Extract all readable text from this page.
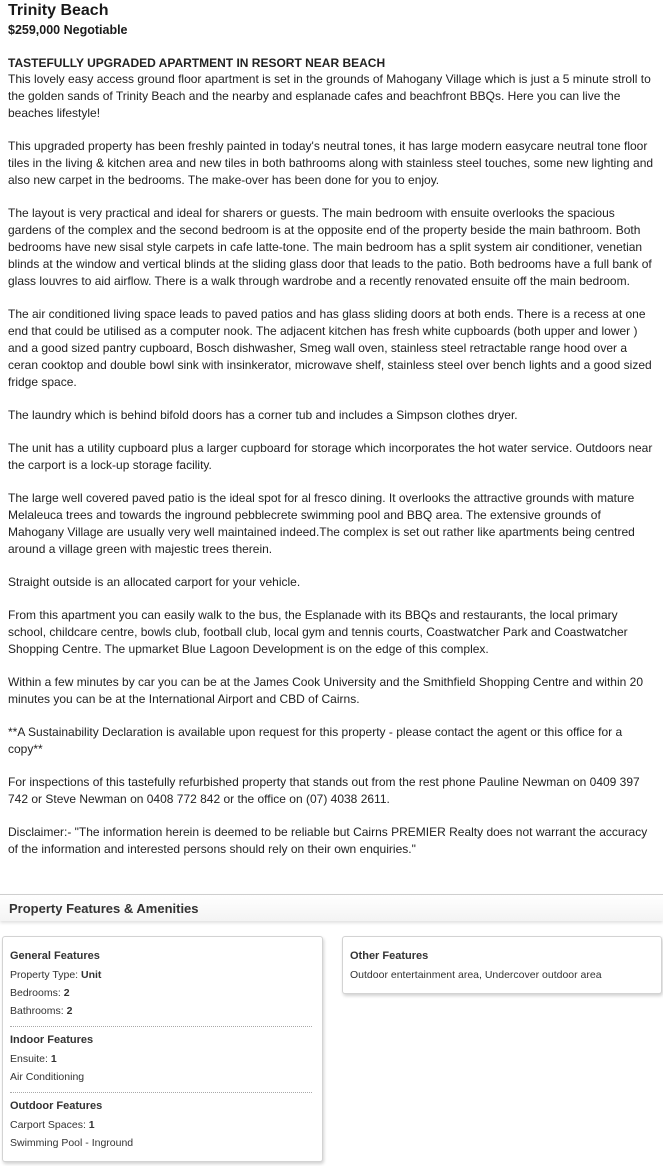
Trinity Beach
$259,000 Negotiable
TASTEFULLY UPGRADED APARTMENT IN RESORT NEAR BEACH

This lovely easy access ground floor apartment is set in the grounds of Mahogany Village which is just a 5 minute stroll to the golden sands of Trinity Beach and the nearby and esplanade cafes and beachfront BBQs. Here you can live the beaches lifestyle!

This upgraded property has been freshly painted in today's neutral tones, it has large modern easycare neutral tone floor tiles in the living & kitchen area and new tiles in both bathrooms along with stainless steel touches, some new lighting and also new carpet in the bedrooms. The make-over has been done for you to enjoy.

The layout is very practical and ideal for sharers or guests. The main bedroom with ensuite overlooks the spacious gardens of the complex and the second bedroom is at the opposite end of the property beside the main bathroom. Both bedrooms have new sisal style carpets in cafe latte-tone. The main bedroom has a split system air conditioner, venetian blinds at the window and vertical blinds at the sliding glass door that leads to the patio. Both bedrooms have a full bank of glass louvres to aid airflow. There is a walk through wardrobe and a recently renovated ensuite off the main bedroom.

The air conditioned living space leads to paved patios and has glass sliding doors at both ends. There is a recess at one end that could be utilised as a computer nook. The adjacent kitchen has fresh white cupboards (both upper and lower ) and a good sized pantry cupboard, Bosch dishwasher, Smeg wall oven, stainless steel retractable range hood over a ceran cooktop and double bowl sink with insinkerator, microwave shelf, stainless steel over bench lights and a good sized fridge space.

The laundry which is behind bifold doors has a corner tub and includes a Simpson clothes dryer.

The unit has a utility cupboard plus a larger cupboard for storage which incorporates the hot water service. Outdoors near the carport is a lock-up storage facility.

The large well covered paved patio is the ideal spot for al fresco dining. It overlooks the attractive grounds with mature Melaleuca trees and towards the inground pebblecrete swimming pool and BBQ area. The extensive grounds of Mahogany Village are usually very well maintained indeed.The complex is set out rather like apartments being centred around a village green with majestic trees therein.

Straight outside is an allocated carport for your vehicle.

From this apartment you can easily walk to the bus, the Esplanade with its BBQs and restaurants, the local primary school, childcare centre, bowls club, football club, local gym and tennis courts, Coastwatcher Park and Coastwatcher Shopping Centre. The upmarket Blue Lagoon Development is on the edge of this complex.

Within a few minutes by car you can be at the James Cook University and the Smithfield Shopping Centre and within 20 minutes you can be at the International Airport and CBD of Cairns.

**A Sustainability Declaration is available upon request for this property - please contact the agent or this office for a copy**

For inspections of this tastefully refurbished property that stands out from the rest phone Pauline Newman on 0409 397 742 or Steve Newman on 0408 772 842 or the office on (07) 4038 2611.

Disclaimer:- "The information herein is deemed to be reliable but Cairns PREMIER Realty does not warrant the accuracy of the information and interested persons should rely on their own enquiries."

Property Features & Amenities
General Features
Property Type: Unit
Bedrooms: 2
Bathrooms: 2
Indoor Features
Ensuite: 1
Air Conditioning
Outdoor Features
Carport Spaces: 1
Swimming Pool - Inground
Other Features
Outdoor entertainment area, Undercover outdoor area
